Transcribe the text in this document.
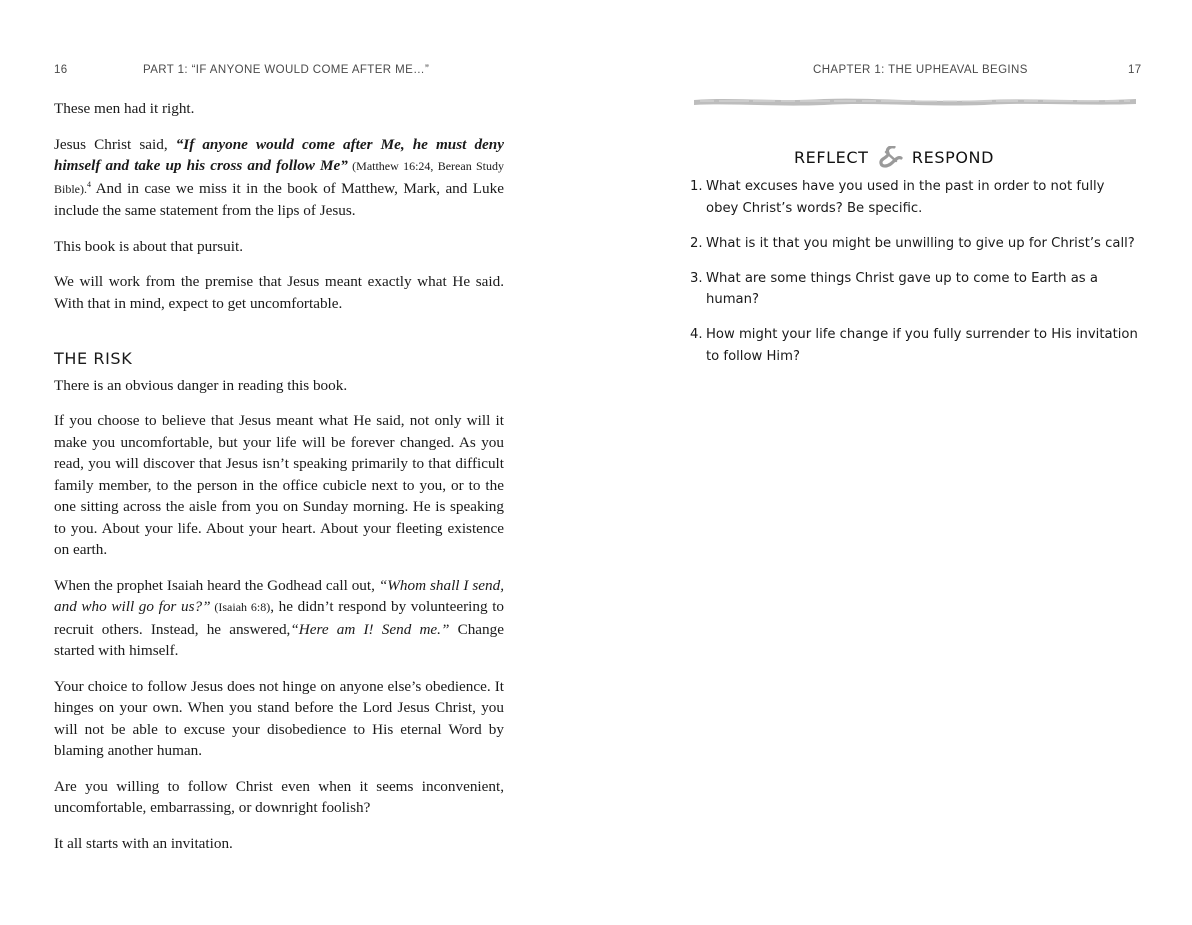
16	PART 1: “IF ANYONE WOULD COME AFTER ME…”

These men had it right.

Jesus Christ said, “If anyone would come after Me, he must deny himself and take up his cross and follow Me” (Matthew 16:24, Berean Study Bible).$^4$ And in case we miss it in the book of Matthew, Mark, and Luke include the same statement from the lips of Jesus.

This book is about that pursuit.

We will work from the premise that Jesus meant exactly what He said. With that in mind, expect to get uncomfortable.

THE RISK

There is an obvious danger in reading this book.

If you choose to believe that Jesus meant what He said, not only will it make you uncomfortable, but your life will be forever changed. As you read, you will discover that Jesus isn’t speaking primarily to that difficult family member, to the person in the office cubicle next to you, or to the one sitting across the aisle from you on Sunday morning. He is speaking to you. About your life. About your heart. About your fleeting existence on earth.

When the prophet Isaiah heard the Godhead call out, “Whom shall I send, and who will go for us?” (Isaiah 6:8), he didn’t respond by volunteering to recruit others. Instead, he answered,“Here am I! Send me.” Change started with himself.

Your choice to follow Jesus does not hinge on anyone else’s obedience. It hinges on your own. When you stand before the Lord Jesus Christ, you will not be able to excuse your disobedience to His eternal Word by blaming another human.

Are you willing to follow Christ even when it seems inconvenient, uncomfortable, embarrassing, or downright foolish?

It all starts with an invitation.

CHAPTER 1: THE UPHEAVAL BEGINS	17
REFLECT	RESPOND
1. What excuses have you used in the past in order to not fully obey Christ’s words? Be specific.
2. What is it that you might be unwilling to give up for Christ’s call?
3. What are some things Christ gave up to come to Earth as a human?
4. How might your life change if you fully surrender to His invitation to follow Him?
